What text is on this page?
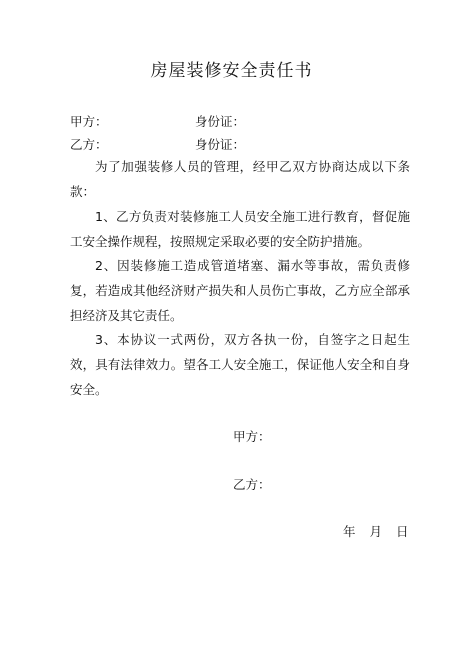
房屋装修安全责任书
甲方：	身份证：
乙方：	身份证：
为了加强装修人员的管理，经甲乙双方协商达成以下条款：
1、乙方负责对装修施工人员安全施工进行教育，督促施工安全操作规程，按照规定采取必要的安全防护措施。
2、因装修施工造成管道堵塞、漏水等事故，需负责修复，若造成其他经济财产损失和人员伤亡事故，乙方应全部承担经济及其它责任。
3、本协议一式两份，双方各执一份，自签字之日起生效，具有法律效力。望各工人安全施工，保证他人安全和自身安全。
甲方：
乙方：
年 月 日
